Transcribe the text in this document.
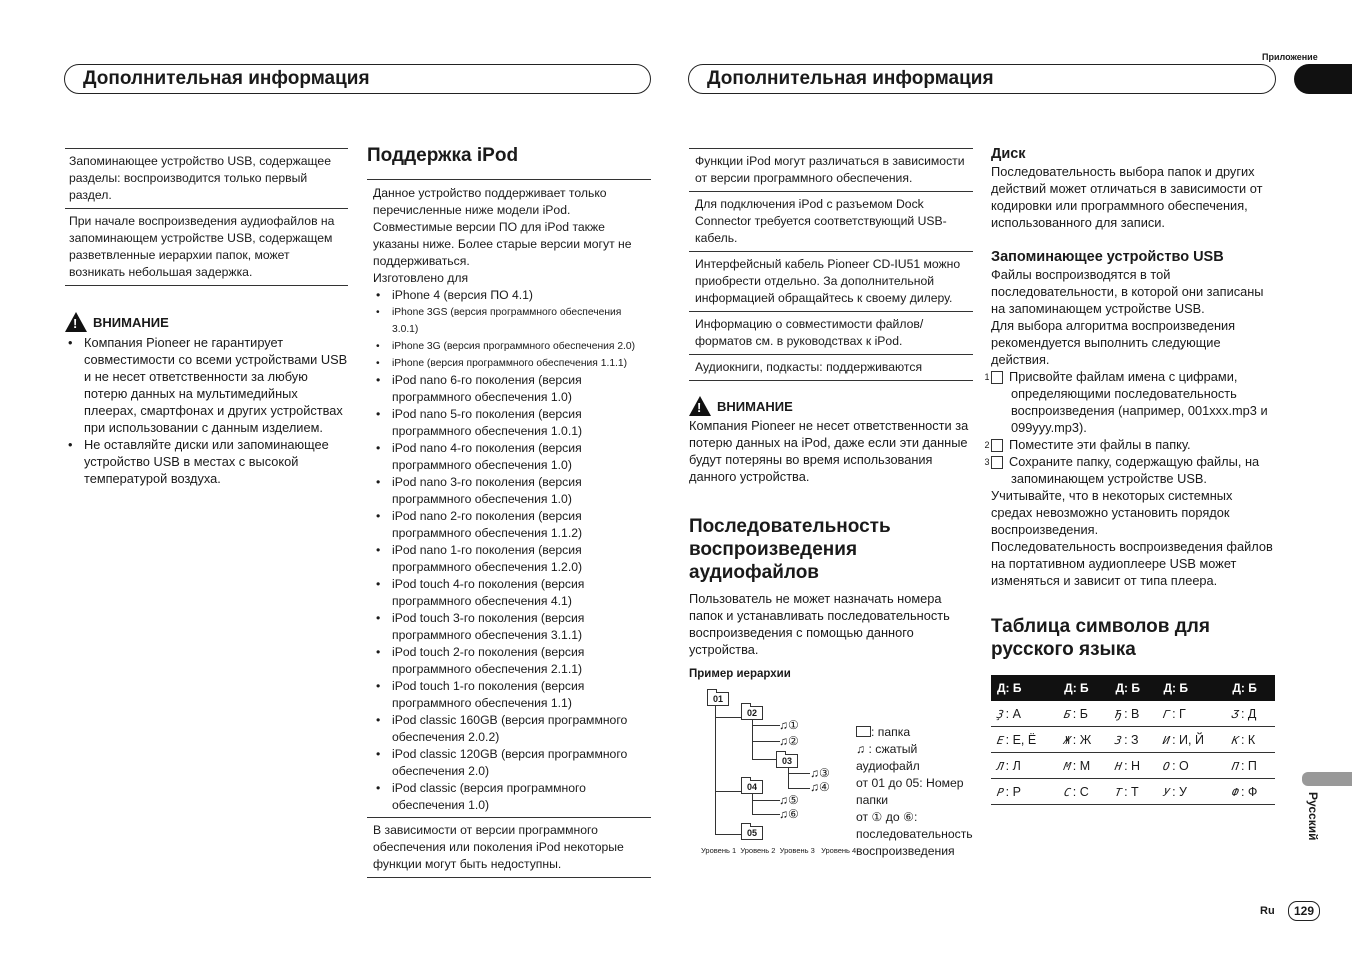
Приложение
Дополнительная информация	Дополнительная информация
Запоминающее устройство USB, содержащее разделы: воспроизводится только первый раздел.
При начале воспроизведения аудиофайлов на запоминающем устройстве USB, содержащем разветвленные иерархии папок, может возникать небольшая задержка.
!
ВНИМАНИЕ
• Компания Pioneer не гарантирует совместимости со всеми устройствами USB и не несет ответственности за любую потерю данных на мультимедийных плеерах, смартфонах и других устройствах при использовании с данным изделием.
• Не оставляйте диски или запоминающее устройство USB в местах с высокой температурой воздуха.
Поддержка iPod
Данное устройство поддерживает только перечисленные ниже модели iPod. Совместимые версии ПО для iPod также указаны ниже. Более старые версии могут не поддерживаться.
Изготовлено для
• iPhone 4 (версия ПО 4.1)
• iPhone 3GS (версия программного обеспечения 3.0.1)
• iPhone 3G (версия программного обеспечения 2.0)
• iPhone (версия программного обеспечения 1.1.1)
• iPod nano 6-го поколения (версия программного обеспечения 1.0)
• iPod nano 5-го поколения (версия программного обеспечения 1.0.1)
• iPod nano 4-го поколения (версия программного обеспечения 1.0)
• iPod nano 3-го поколения (версия программного обеспечения 1.0)
• iPod nano 2-го поколения (версия программного обеспечения 1.1.2)
• iPod nano 1-го поколения (версия программного обеспечения 1.2.0)
• iPod touch 4-го поколения (версия программного обеспечения 4.1)
• iPod touch 3-го поколения (версия программного обеспечения 3.1.1)
• iPod touch 2-го поколения (версия программного обеспечения 2.1.1)
• iPod touch 1-го поколения (версия программного обеспечения 1.1)
• iPod classic 160GB (версия программного обеспечения 2.0.2)
• iPod classic 120GB (версия программного обеспечения 2.0)
• iPod classic (версия программного обеспечения 1.0)
В зависимости от версии программного обеспечения или поколения iPod некоторые функции могут быть недоступны.
Функции iPod могут различаться в зависимости от версии программного обеспечения.
Для подключения iPod с разъемом Dock Connector требуется соответствующий USB-кабель.
Интерфейсный кабель Pioneer CD-IU51 можно приобрести отдельно. За дополнительной информацией обращайтесь к своему дилеру.
Информацию о совместимости файлов/форматов см. в руководствах к iPod.
Аудиокниги, подкасты: поддерживаются
!
ВНИМАНИЕ
Компания Pioneer не несет ответственности за потерю данных на iPod, даже если эти данные будут потеряны во время использования данного устройства.
Последовательность воспроизведения аудиофайлов
Пользователь не может назначать номера папок и устанавливать последовательность воспроизведения с помощью данного устройства.
Пример иерархии
01
02
03
04
05
♫①
♫②
♫③
♫④
♫⑤
♫⑥
Уровень 1 Уровень 2 Уровень 3 Уровень 4
: папка
♫ : сжатый аудиофайл
от 01 до 05: Номер папки
от ① до ⑥: последовательность воспроизведения
Диск
Последовательность выбора папок и других действий может отличаться в зависимости от кодировки или программного обеспечения, использованного для записи.
Запоминающее устройство USB
Файлы воспроизводятся в той последовательности, в которой они записаны на запоминающем устройстве USB.
Для выбора алгоритма воспроизведения рекомендуется выполнить следующие действия.
1 Присвойте файлам имена с цифрами, определяющими последовательность воспроизведения (например, 001xxx.mp3 и 099yyy.mp3).
2 Поместите эти файлы в папку.
3 Сохраните папку, содержащую файлы, на запоминающем устройстве USB.
Учитывайте, что в некоторых системных средах невозможно установить порядок воспроизведения.
Последовательность воспроизведения файлов на портативном аудиоплеере USB может изменяться и зависит от типа плеера.
Таблица символов для русского языка
Д: Б	Д: Б	Д: Б	Д: Б	Д: Б
Ҙ : А	Б : Б	Ђ : В	Г : Г	Ӡ : Д
Ε : Е, Ё	Ж : Ж	З : З	Ͷ : И, Й	К : К
Л : Л	М : М	Н : Н	О : О	П : П
Ρ : Р	С : С	Т : Т	У : У	Ф : Ф
Русский
Ru	129
